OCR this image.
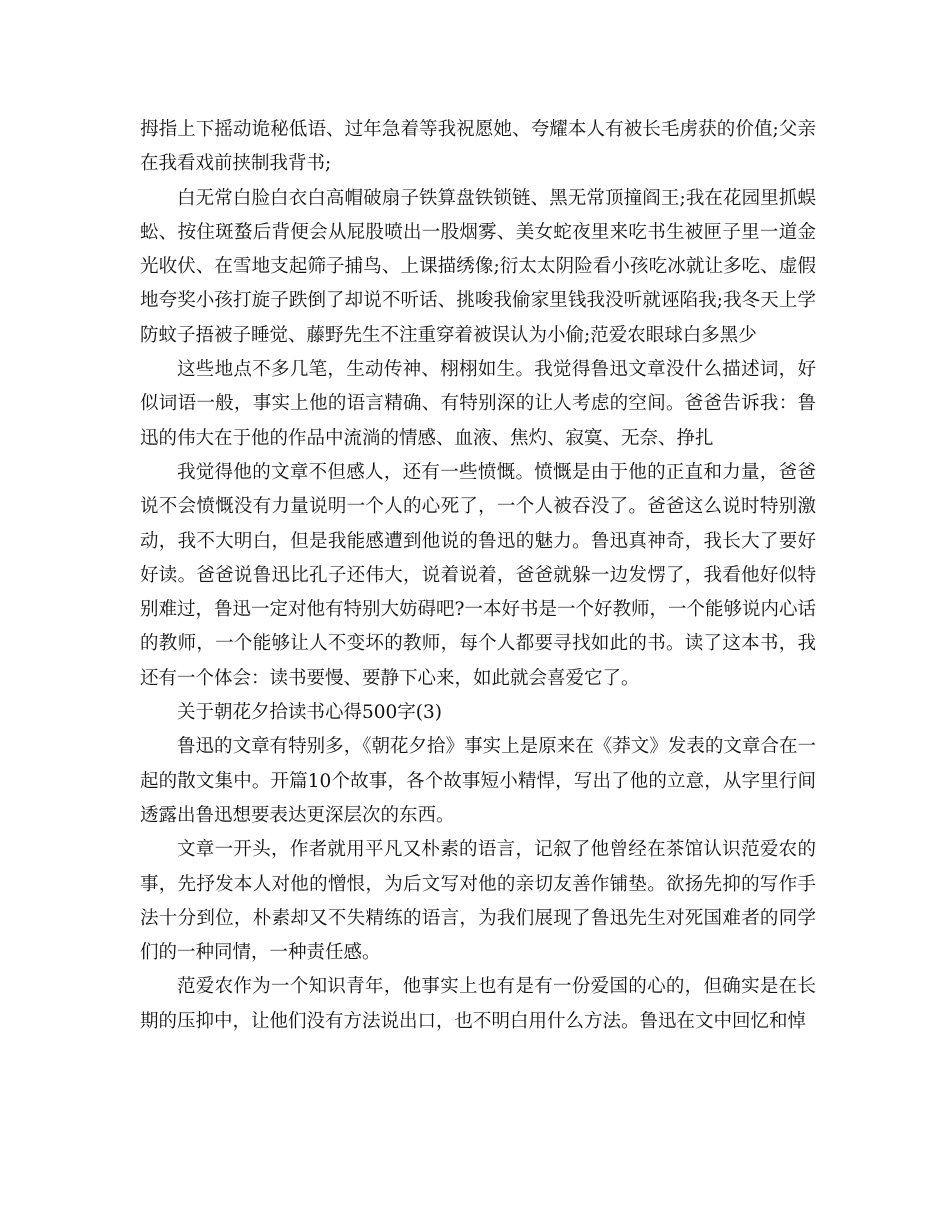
拇指上下摇动诡秘低语、过年急着等我祝愿她、夸耀本人有被长毛虏获的价值;父亲在我看戏前挟制我背书;

白无常白脸白衣白高帽破扇子铁算盘铁锁链、黑无常顶撞阎王;我在花园里抓蜈蚣、按住斑蝥后背便会从屁股喷出一股烟雾、美女蛇夜里来吃书生被匣子里一道金光收伏、在雪地支起筛子捕鸟、上课描绣像;衍太太阴险看小孩吃冰就让多吃、虚假地夸奖小孩打旋子跌倒了却说不听话、挑唆我偷家里钱我没听就诬陷我;我冬天上学防蚊子捂被子睡觉、藤野先生不注重穿着被误认为小偷;范爱农眼球白多黑少

这些地点不多几笔，生动传神、栩栩如生。我觉得鲁迅文章没什么描述词，好似词语一般，事实上他的语言精确、有特别深的让人考虑的空间。爸爸告诉我：鲁迅的伟大在于他的作品中流淌的情感、血液、焦灼、寂寞、无奈、挣扎

我觉得他的文章不但感人，还有一些愤慨。愤慨是由于他的正直和力量，爸爸说不会愤慨没有力量说明一个人的心死了，一个人被吞没了。爸爸这么说时特别激动，我不大明白，但是我能感遭到他说的鲁迅的魅力。鲁迅真神奇，我长大了要好好读。爸爸说鲁迅比孔子还伟大，说着说着，爸爸就躲一边发愣了，我看他好似特别难过，鲁迅一定对他有特别大妨碍吧?一本好书是一个好教师，一个能够说内心话的教师，一个能够让人不变坏的教师，每个人都要寻找如此的书。读了这本书，我还有一个体会：读书要慢、要静下心来，如此就会喜爱它了。

关于朝花夕拾读书心得500字(3)

鲁迅的文章有特别多，《朝花夕拾》事实上是原来在《莽文》发表的文章合在一起的散文集中。开篇10个故事，各个故事短小精悍，写出了他的立意，从字里行间透露出鲁迅想要表达更深层次的东西。

文章一开头，作者就用平凡又朴素的语言，记叙了他曾经在茶馆认识范爱农的事，先抒发本人对他的憎恨，为后文写对他的亲切友善作铺垫。欲扬先抑的写作手法十分到位，朴素却又不失精练的语言，为我们展现了鲁迅先生对死国难者的同学们的一种同情，一种责任感。

范爱农作为一个知识青年，他事实上也有是有一份爱国的心的，但确实是在长期的压抑中，让他们没有方法说出口，也不明白用什么方法。鲁迅在文中回忆和悼
